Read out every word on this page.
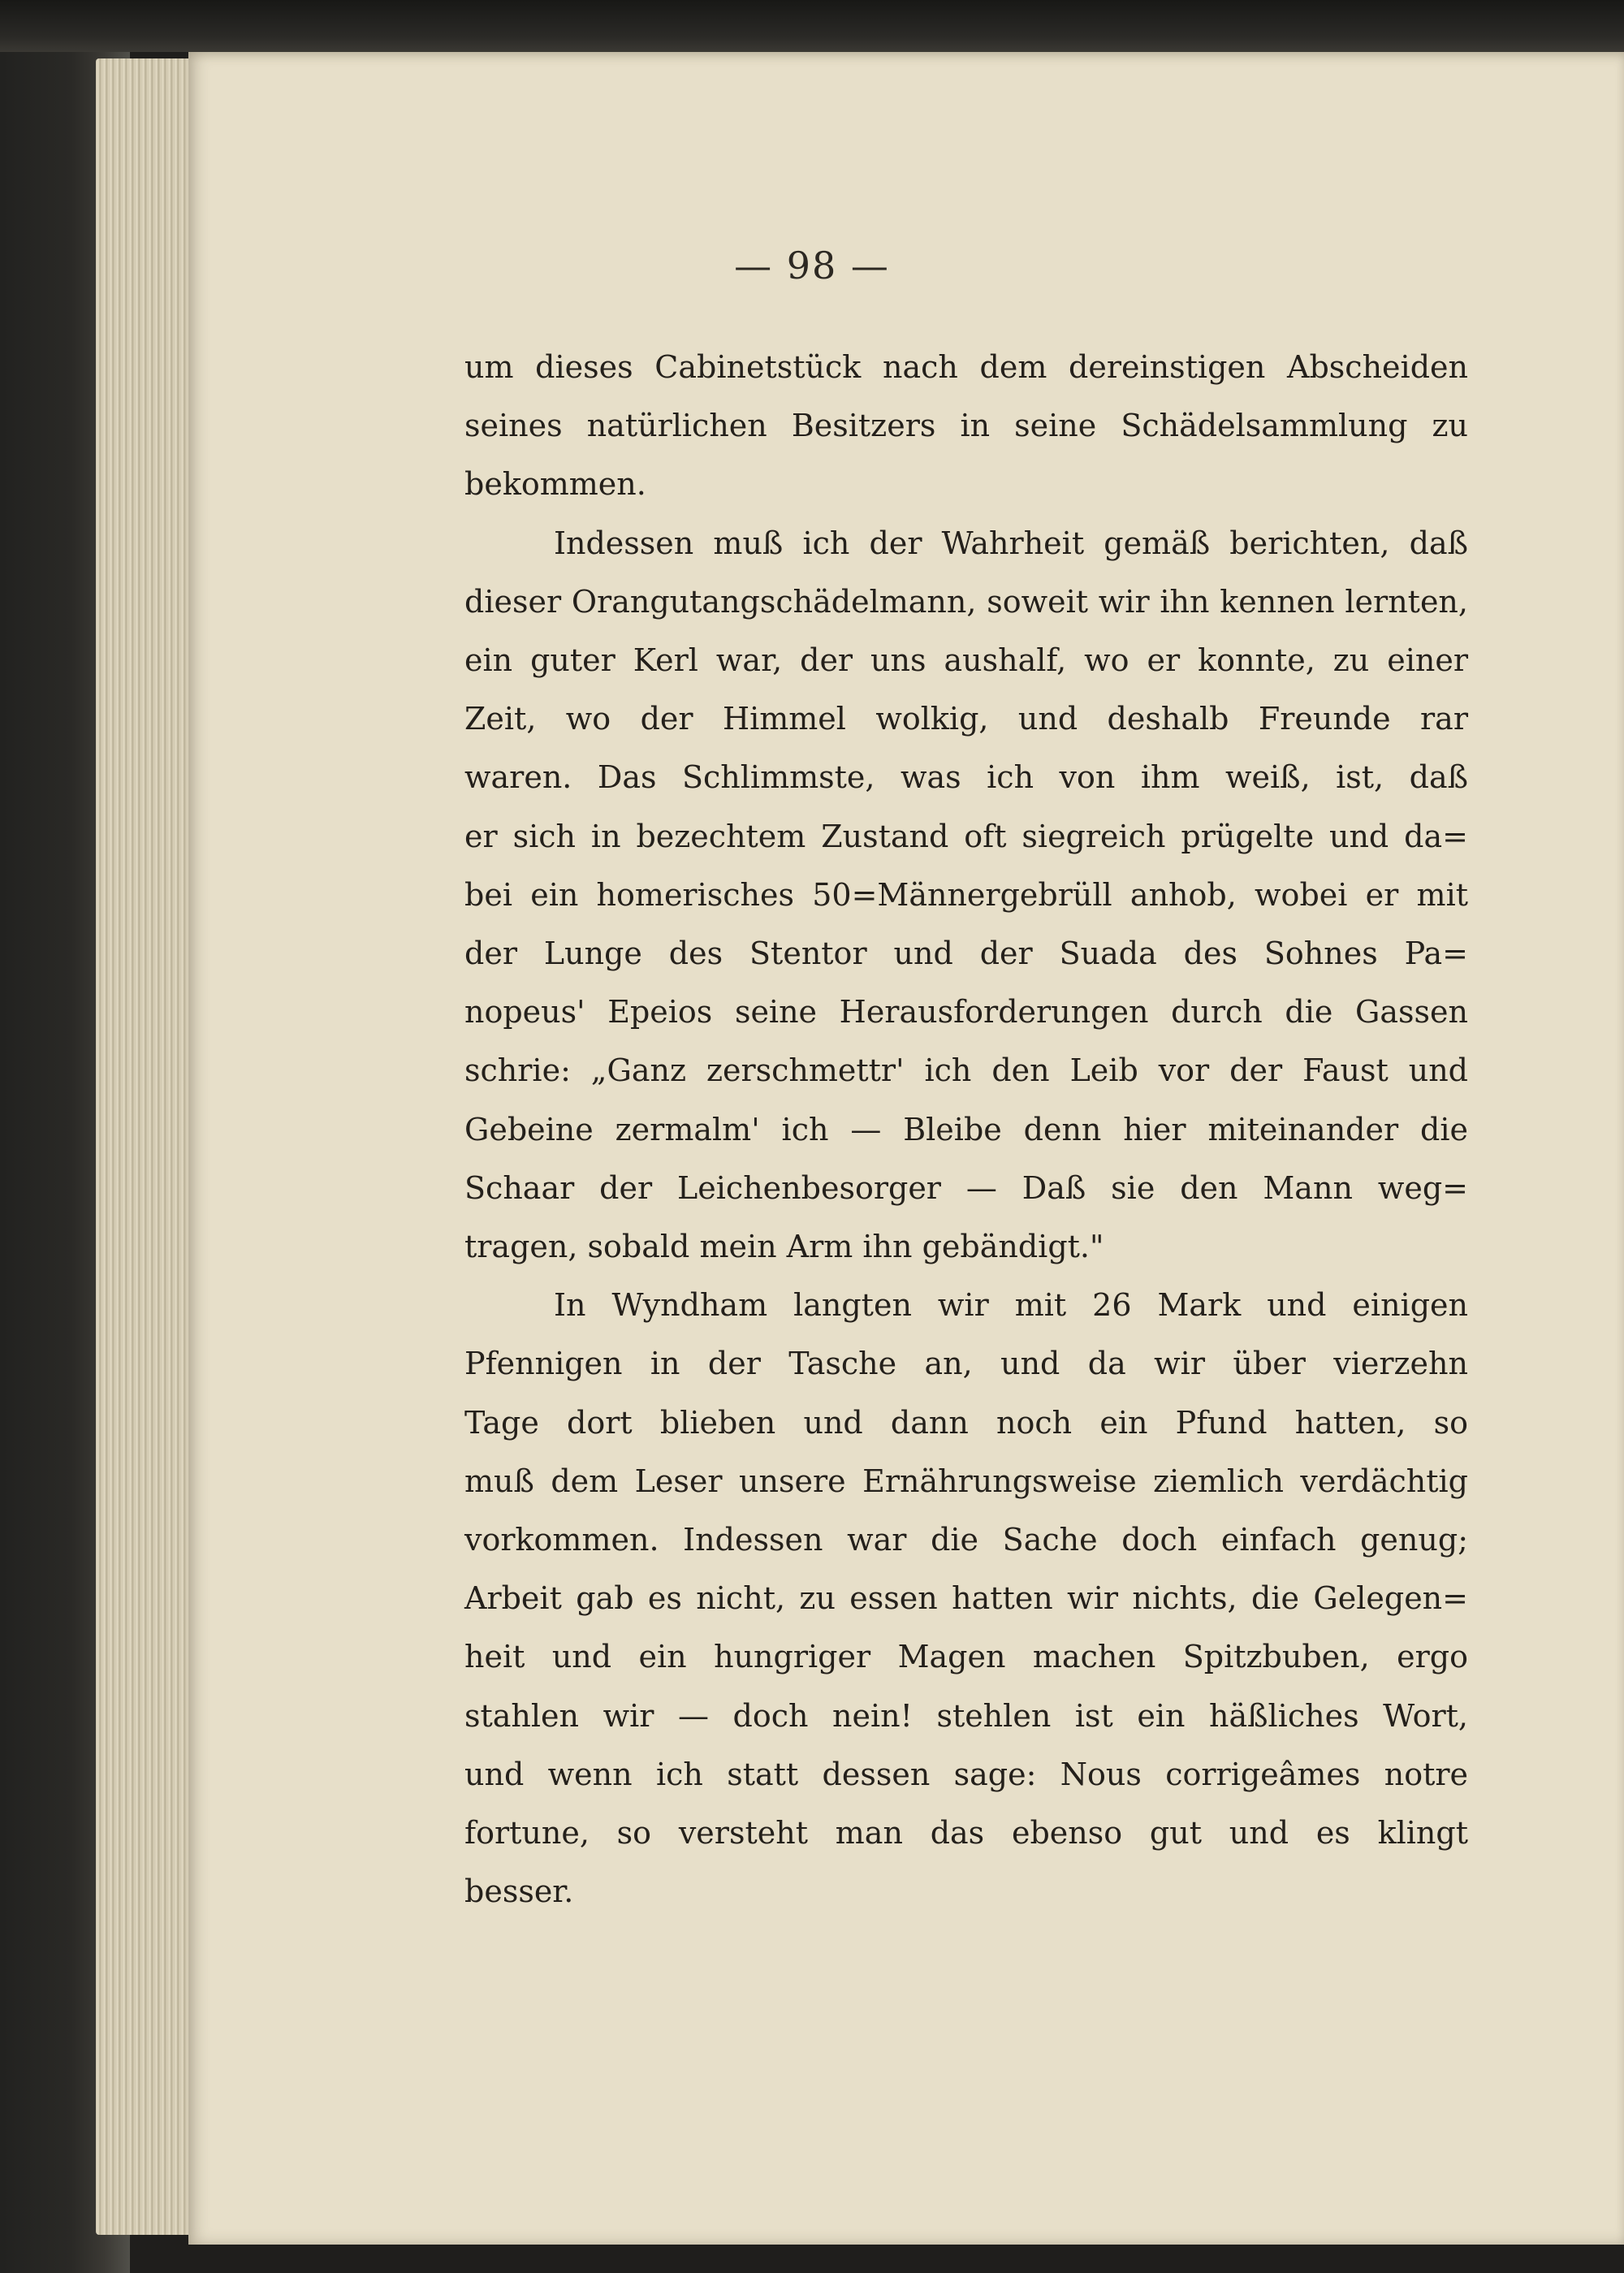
— 98 —
um dieses Cabinetstück nach dem dereinstigen Abscheiden
seines natürlichen Besitzers in seine Schädelsammlung zu
bekommen.
Indessen muß ich der Wahrheit gemäß berichten, daß
dieser Orangutangschädelmann, soweit wir ihn kennen lernten,
ein guter Kerl war, der uns aushalf, wo er konnte, zu einer
Zeit, wo der Himmel wolkig, und deshalb Freunde rar
waren. Das Schlimmste, was ich von ihm weiß, ist, daß
er sich in bezechtem Zustand oft siegreich prügelte und da=
bei ein homerisches 50=Männergebrüll anhob, wobei er mit
der Lunge des Stentor und der Suada des Sohnes Pa=
nopeus' Epeios seine Herausforderungen durch die Gassen
schrie: „Ganz zerschmettr' ich den Leib vor der Faust und
Gebeine zermalm' ich — Bleibe denn hier miteinander die
Schaar der Leichenbesorger — Daß sie den Mann weg=
tragen, sobald mein Arm ihn gebändigt."
In Wyndham langten wir mit 26 Mark und einigen
Pfennigen in der Tasche an, und da wir über vierzehn
Tage dort blieben und dann noch ein Pfund hatten, so
muß dem Leser unsere Ernährungsweise ziemlich verdächtig
vorkommen. Indessen war die Sache doch einfach genug;
Arbeit gab es nicht, zu essen hatten wir nichts, die Gelegen=
heit und ein hungriger Magen machen Spitzbuben, ergo
stahlen wir — doch nein! stehlen ist ein häßliches Wort,
und wenn ich statt dessen sage: Nous corrigeâmes notre
fortune, so versteht man das ebenso gut und es klingt
besser.
